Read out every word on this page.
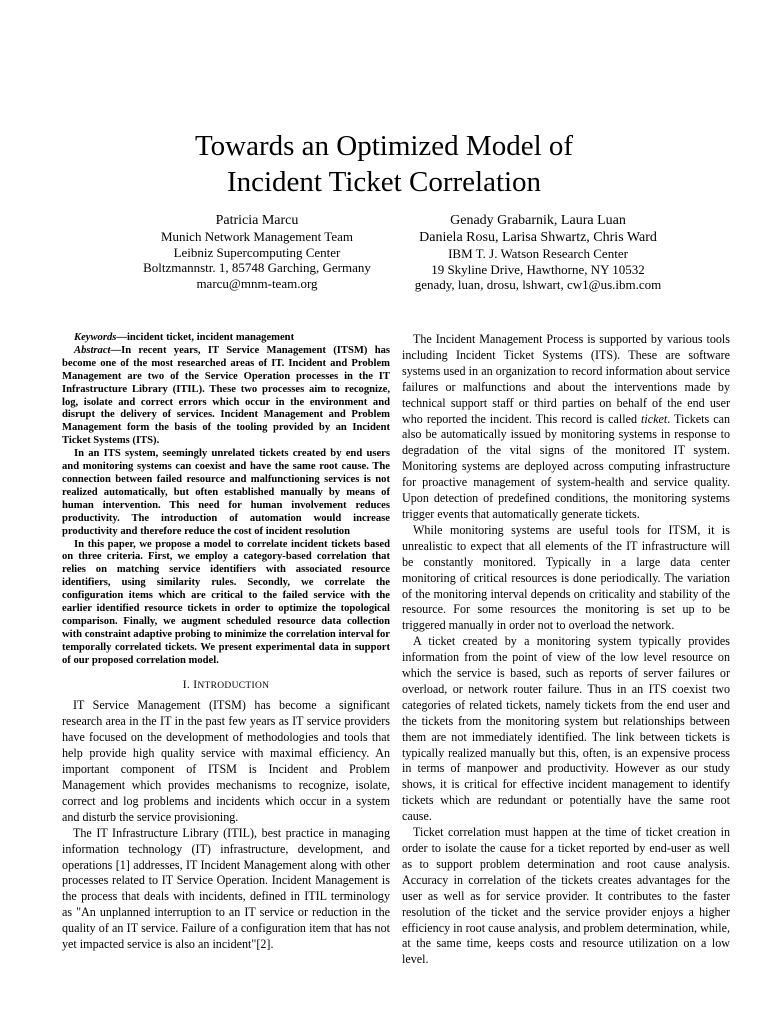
Towards an Optimized Model of
Incident Ticket Correlation
Patricia Marcu
Munich Network Management Team
Leibniz Supercomputing Center
Boltzmannstr. 1, 85748 Garching, Germany
marcu@mnm-team.org
Genady Grabarnik, Laura Luan
Daniela Rosu, Larisa Shwartz, Chris Ward
IBM T. J. Watson Research Center
19 Skyline Drive, Hawthorne, NY 10532
genady, luan, drosu, lshwart, cw1@us.ibm.com

Keywords—incident ticket, incident management

Abstract—In recent years, IT Service Management (ITSM) has become one of the most researched areas of IT. Incident and Problem Management are two of the Service Operation processes in the IT Infrastructure Library (ITIL). These two processes aim to recognize, log, isolate and correct errors which occur in the environment and disrupt the delivery of services. Incident Management and Problem Management form the basis of the tooling provided by an Incident Ticket Systems (ITS).

In an ITS system, seemingly unrelated tickets created by end users and monitoring systems can coexist and have the same root cause. The connection between failed resource and malfunctioning services is not realized automatically, but often established manually by means of human intervention. This need for human involvement reduces productivity. The introduction of automation would increase productivity and therefore reduce the cost of incident resolution

In this paper, we propose a model to correlate incident tickets based on three criteria. First, we employ a category-based correlation that relies on matching service identifiers with associated resource identifiers, using similarity rules. Secondly, we correlate the configuration items which are critical to the failed service with the earlier identified resource tickets in order to optimize the topological comparison. Finally, we augment scheduled resource data collection with constraint adaptive probing to minimize the correlation interval for temporally correlated tickets. We present experimental data in support of our proposed correlation model.

I. INTRODUCTION

IT Service Management (ITSM) has become a significant research area in the IT in the past few years as IT service providers have focused on the development of methodologies and tools that help provide high quality service with maximal efficiency. An important component of ITSM is Incident and Problem Management which provides mechanisms to recognize, isolate, correct and log problems and incidents which occur in a system and disturb the service provisioning.

The IT Infrastructure Library (ITIL), best practice in managing information technology (IT) infrastructure, development, and operations [1] addresses, IT Incident Management along with other processes related to IT Service Operation. Incident Management is the process that deals with incidents, defined in ITIL terminology as "An unplanned interruption to an IT service or reduction in the quality of an IT service. Failure of a configuration item that has not yet impacted service is also an incident"[2].

The Incident Management Process is supported by various tools including Incident Ticket Systems (ITS). These are software systems used in an organization to record information about service failures or malfunctions and about the interventions made by technical support staff or third parties on behalf of the end user who reported the incident. This record is called ticket. Tickets can also be automatically issued by monitoring systems in response to degradation of the vital signs of the monitored IT system. Monitoring systems are deployed across computing infrastructure for proactive management of system-health and service quality. Upon detection of predefined conditions, the monitoring systems trigger events that automatically generate tickets.

While monitoring systems are useful tools for ITSM, it is unrealistic to expect that all elements of the IT infrastructure will be constantly monitored. Typically in a large data center monitoring of critical resources is done periodically. The variation of the monitoring interval depends on criticality and stability of the resource. For some resources the monitoring is set up to be triggered manually in order not to overload the network.

A ticket created by a monitoring system typically provides information from the point of view of the low level resource on which the service is based, such as reports of server failures or overload, or network router failure. Thus in an ITS coexist two categories of related tickets, namely tickets from the end user and the tickets from the monitoring system but relationships between them are not immediately identified. The link between tickets is typically realized manually but this, often, is an expensive process in terms of manpower and productivity. However as our study shows, it is critical for effective incident management to identify tickets which are redundant or potentially have the same root cause.

Ticket correlation must happen at the time of ticket creation in order to isolate the cause for a ticket reported by end-user as well as to support problem determination and root cause analysis. Accuracy in correlation of the tickets creates advantages for the user as well as for service provider. It contributes to the faster resolution of the ticket and the service provider enjoys a higher efficiency in root cause analysis, and problem determination, while, at the same time, keeps costs and resource utilization on a low level.
